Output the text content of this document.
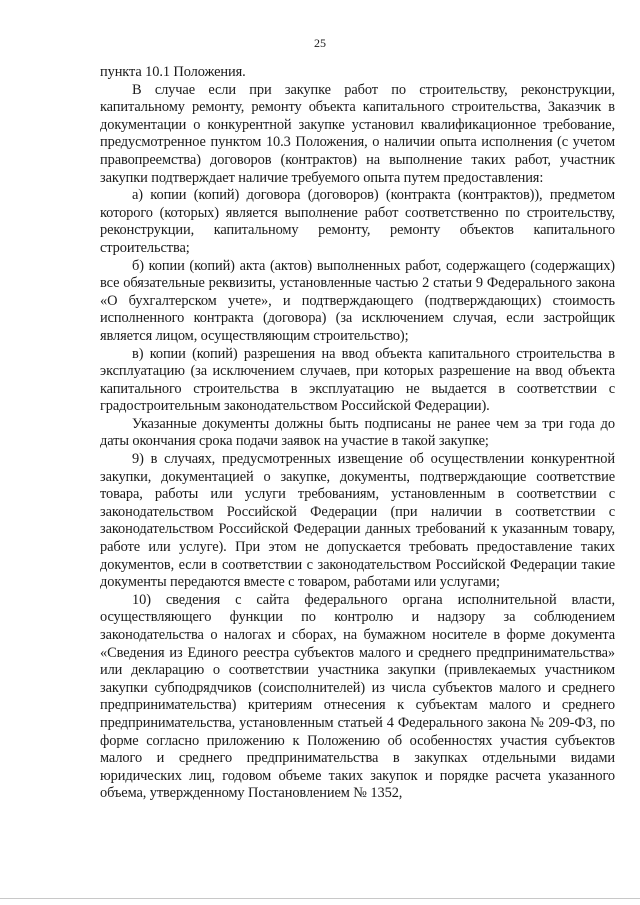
25

пункта 10.1 Положения.

В случае если при закупке работ по строительству, реконструкции, капитальному ремонту, ремонту объекта капитального строительства, Заказчик в документации о конкурентной закупке установил квалификационное требование, предусмотренное пунктом 10.3 Положения, о наличии опыта исполнения (с учетом правопреемства) договоров (контрактов) на выполнение таких работ, участник закупки подтверждает наличие требуемого опыта путем предоставления:

а) копии (копий) договора (договоров) (контракта (контрактов)), предметом которого (которых) является выполнение работ соответственно по строительству, реконструкции, капитальному ремонту, ремонту объектов капитального строительства;

б) копии (копий) акта (актов) выполненных работ, содержащего (содержащих) все обязательные реквизиты, установленные частью 2 статьи 9 Федерального закона «О бухгалтерском учете», и подтверждающего (подтверждающих) стоимость исполненного контракта (договора) (за исключением случая, если застройщик является лицом, осуществляющим строительство);

в) копии (копий) разрешения на ввод объекта капитального строительства в эксплуатацию (за исключением случаев, при которых разрешение на ввод объекта капитального строительства в эксплуатацию не выдается в соответствии с градостроительным законодательством Российской Федерации).

Указанные документы должны быть подписаны не ранее чем за три года до даты окончания срока подачи заявок на участие в такой закупке;

9) в случаях, предусмотренных извещение об осуществлении конкурентной закупки, документацией о закупке, документы, подтверждающие соответствие товара, работы или услуги требованиям, установленным в соответствии с законодательством Российской Федерации (при наличии в соответствии с законодательством Российской Федерации данных требований к указанным товару, работе или услуге). При этом не допускается требовать предоставление таких документов, если в соответствии с законодательством Российской Федерации такие документы передаются вместе с товаром, работами или услугами;

10) сведения с сайта федерального органа исполнительной власти, осуществляющего функции по контролю и надзору за соблюдением законодательства о налогах и сборах, на бумажном носителе в форме документа «Сведения из Единого реестра субъектов малого и среднего предпринимательства» или декларацию о соответствии участника закупки (привлекаемых участником закупки субподрядчиков (соисполнителей) из числа субъектов малого и среднего предпринимательства) критериям отнесения к субъектам малого и среднего предпринимательства, установленным статьей 4 Федерального закона № 209-ФЗ, по форме согласно приложению к Положению об особенностях участия субъектов малого и среднего предпринимательства в закупках отдельными видами юридических лиц, годовом объеме таких закупок и порядке расчета указанного объема, утвержденному Постановлением № 1352,
